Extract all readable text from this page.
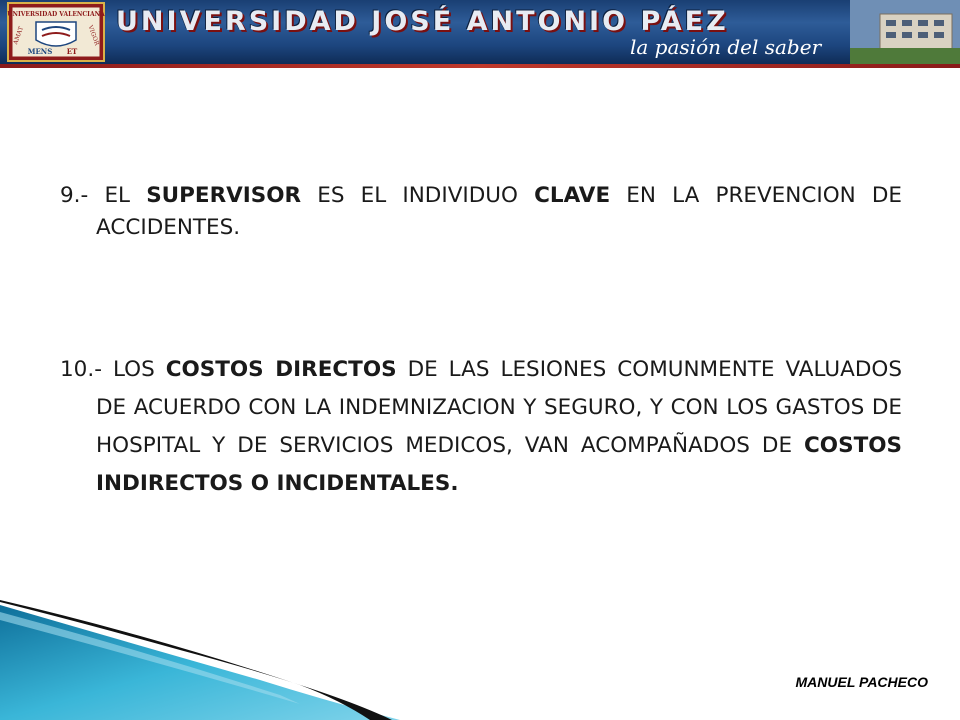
UNIVERSIDAD VALENCIANA
AMAT	VIGOR
MENS ET
UNIVERSIDAD JOSÉ ANTONIO PÁEZ
la pasión del saber

9.- EL SUPERVISOR ES EL INDIVIDUO CLAVE EN LA PREVENCION DE ACCIDENTES.

10.- LOS COSTOS DIRECTOS DE LAS LESIONES COMUNMENTE VALUADOS DE ACUERDO CON LA INDEMNIZACION Y SEGURO, Y CON LOS GASTOS DE HOSPITAL Y DE SERVICIOS MEDICOS, VAN ACOMPAÑADOS DE COSTOS INDIRECTOS O INCIDENTALES.

MANUEL PACHECO
